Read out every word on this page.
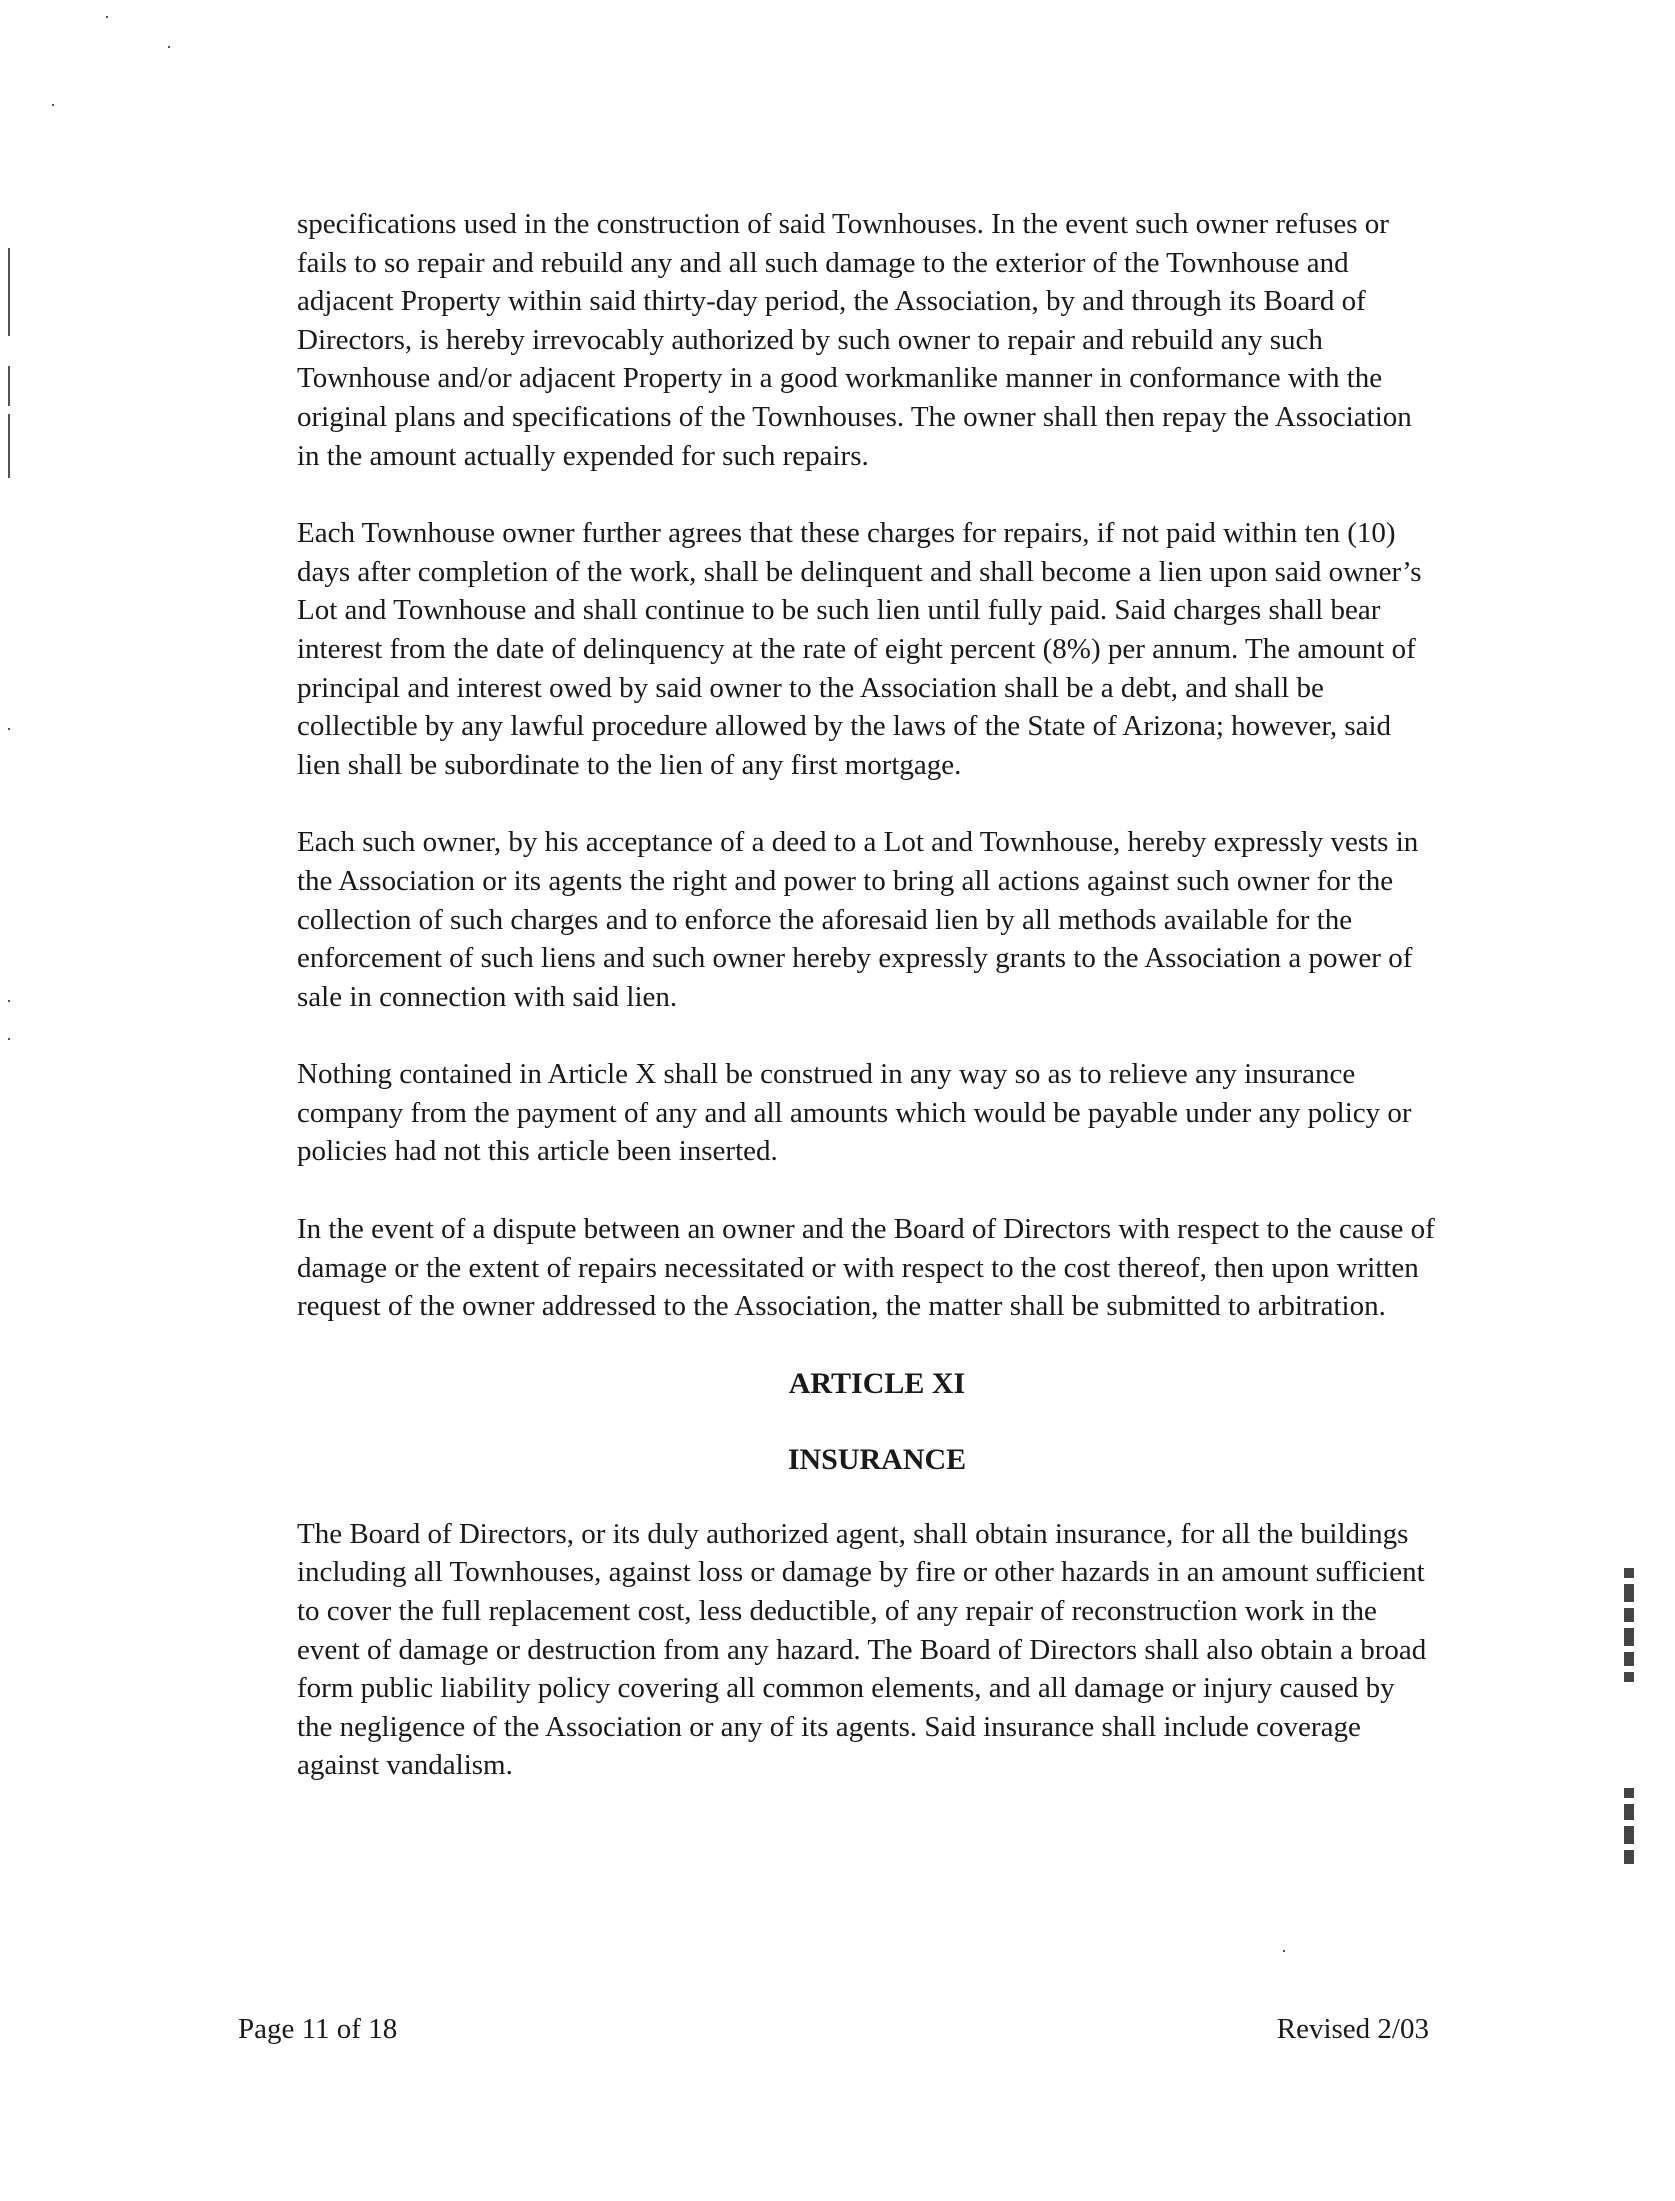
specifications used in the construction of said Townhouses. In the event such owner refuses or fails to so repair and rebuild any and all such damage to the exterior of the Townhouse and adjacent Property within said thirty-day period, the Association, by and through its Board of Directors, is hereby irrevocably authorized by such owner to repair and rebuild any such Townhouse and/or adjacent Property in a good workmanlike manner in conformance with the original plans and specifications of the Townhouses. The owner shall then repay the Association in the amount actually expended for such repairs.

Each Townhouse owner further agrees that these charges for repairs, if not paid within ten (10) days after completion of the work, shall be delinquent and shall become a lien upon said owner’s Lot and Townhouse and shall continue to be such lien until fully paid. Said charges shall bear interest from the date of delinquency at the rate of eight percent (8%) per annum. The amount of principal and interest owed by said owner to the Association shall be a debt, and shall be collectible by any lawful procedure allowed by the laws of the State of Arizona; however, said lien shall be subordinate to the lien of any first mortgage.

Each such owner, by his acceptance of a deed to a Lot and Townhouse, hereby expressly vests in the Association or its agents the right and power to bring all actions against such owner for the collection of such charges and to enforce the aforesaid lien by all methods available for the enforcement of such liens and such owner hereby expressly grants to the Association a power of sale in connection with said lien.

Nothing contained in Article X shall be construed in any way so as to relieve any insurance company from the payment of any and all amounts which would be payable under any policy or policies had not this article been inserted.

In the event of a dispute between an owner and the Board of Directors with respect to the cause of damage or the extent of repairs necessitated or with respect to the cost thereof, then upon written request of the owner addressed to the Association, the matter shall be submitted to arbitration.

ARTICLE XI
INSURANCE

The Board of Directors, or its duly authorized agent, shall obtain insurance, for all the buildings including all Townhouses, against loss or damage by fire or other hazards in an amount sufficient to cover the full replacement cost, less deductible, of any repair of reconstruction work in the event of damage or destruction from any hazard. The Board of Directors shall also obtain a broad form public liability policy covering all common elements, and all damage or injury caused by the negligence of the Association or any of its agents. Said insurance shall include coverage against vandalism.

Page 11 of 18	Revised 2/03
